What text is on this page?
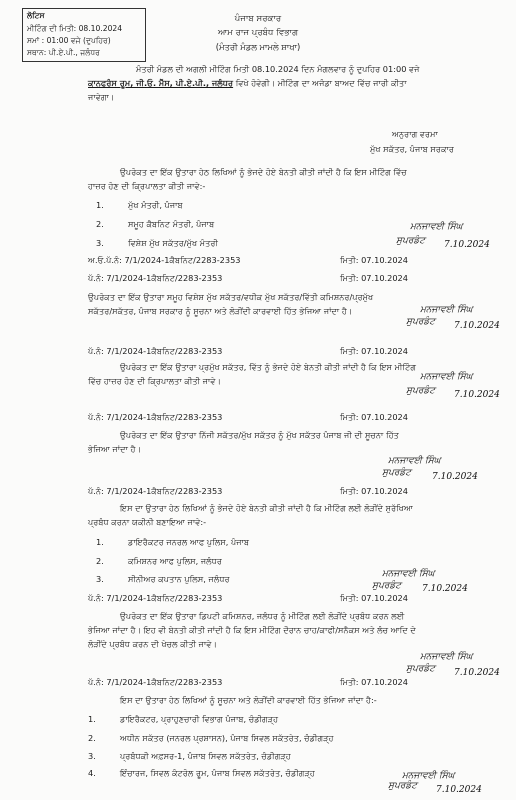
ਲੋਟਿਸ
ਮੀਟਿੰਗ ਦੀ ਮਿਤੀ: 08.10.2024
ਸਮਾਂ : 01:00 ਵਜੇ (ਦੁਪਹਿਰ)
ਸਥਾਨ: ਪੀ.ਏ.ਪੀ., ਜਲੰਧਰ
ਪੰਜਾਬ ਸਰਕਾਰ
ਆਮ ਰਾਜ ਪ੍ਰਬੰਧ ਵਿਭਾਗ
(ਮੰਤਰੀ ਮੰਡਲ ਮਾਮਲੇ ਸ਼ਾਖਾ)
ਮੰਤਰੀ ਮੰਡਲ ਦੀ ਅਗਲੀ ਮੀਟਿੰਗ ਮਿਤੀ 08.10.2024 ਦਿਨ ਮੰਗਲਵਾਰ ਨੂੰ ਦੁਪਹਿਰ 01:00 ਵਜੇ
ਕਾਨਫਰੰਸ ਰੂਮ, ਜੀ.ਓ. ਮੈੱਸ, ਪੀ.ਏ.ਪੀ., ਜਲੰਧਰ ਵਿਖੇ ਹੋਵੇਗੀ। ਮੀਟਿੰਗ ਦਾ ਅਜੰਡਾ ਬਾਅਦ ਵਿੱਚ ਜਾਰੀ ਕੀਤਾ
ਜਾਵੇਗਾ।
ਅਨੁਰਾਗ ਵਰਮਾ
ਮੁੱਖ ਸਕੱਤਰ, ਪੰਜਾਬ ਸਰਕਾਰ
ਉਪਰੋਕਤ ਦਾ ਇੱਕ ਉਤਾਰਾ ਹੇਠ ਲਿਖਿਆਂ ਨੂੰ ਭੇਜਦੇ ਹੋਏ ਬੇਨਤੀ ਕੀਤੀ ਜਾਂਦੀ ਹੈ ਕਿ ਇਸ ਮੀਟਿੰਗ ਵਿੱਚ
ਹਾਜ਼ਰ ਹੋਣ ਦੀ ਕ੍ਰਿਪਾਲਤਾ ਕੀਤੀ ਜਾਵੇ:-
1.	ਮੁੱਖ ਮੰਤਰੀ, ਪੰਜਾਬ
2.	ਸਮੂਹ ਕੈਬਨਿਟ ਮੰਤਰੀ, ਪੰਜਾਬ
3.	ਵਿਸ਼ੇਸ਼ ਮੁੱਖ ਸਕੱਤਰ/ਮੁੱਖ ਮੰਤਰੀ
ਅ.ਓ.ਪੱ.ਨੰ: 7/1/2024-1ਕੈਬਨਿਟ/2283-2353	ਮਿਤੀ: 07.10.2024
ਮਨਜਾਵਈ ਸਿੰਘ
ਸੁਪਰਡੰਟ 7.10.2024
ਪੱ.ਨੰ: 7/1/2024-1ਕੈਬਨਿਟ/2283-2353	ਮਿਤੀ: 07.10.2024
ਉਪਰੋਕਤ ਦਾ ਇੱਕ ਉਤਾਰਾ ਸਮੂਹ ਵਿਸ਼ੇਸ਼ ਮੁੱਖ ਸਕੱਤਰ/ਵਧੀਕ ਮੁੱਖ ਸਕੱਤਰ/ਵਿੱਤੀ ਕਮਿਸ਼ਨਰ/ਪ੍ਰਮੁੱਖ
ਸਕੱਤਰ/ਸਕੱਤਰ, ਪੰਜਾਬ ਸਰਕਾਰ ਨੂੰ ਸੂਚਨਾ ਅਤੇ ਲੋੜੀਂਦੀ ਕਾਰਵਾਈ ਹਿੱਤ ਭੇਜਿਆ ਜਾਂਦਾ ਹੈ।	ਮਨਜਾਵਈ ਸਿੰਘ
ਸੁਪਰਡੰਟ 7.10.2024
ਪੱ.ਨੰ: 7/1/2024-1ਕੈਬਨਿਟ/2283-2353	ਮਿਤੀ: 07.10.2024
ਉਪਰੋਕਤ ਦਾ ਇੱਕ ਉਤਾਰਾ ਪ੍ਰਮੁੱਖ ਸਕੱਤਰ, ਵਿੱਤ ਨੂੰ ਭੇਜਦੇ ਹੋਏ ਬੇਨਤੀ ਕੀਤੀ ਜਾਂਦੀ ਹੈ ਕਿ ਇਸ ਮੀਟਿੰਗ
ਵਿੱਚ ਹਾਜ਼ਰ ਹੋਣ ਦੀ ਕ੍ਰਿਪਾਲਤਾ ਕੀਤੀ ਜਾਵੇ।	ਮਨਜਾਵਈ ਸਿੰਘ
ਸੁਪਰਡੰਟ 7.10.2024
ਪੱ.ਨੰ: 7/1/2024-1ਕੈਬਨਿਟ/2283-2353	ਮਿਤੀ: 07.10.2024
ਉਪਰੋਕਤ ਦਾ ਇੱਕ ਉਤਾਰਾ ਨਿੱਜੀ ਸਕੱਤਰ/ਮੁੱਖ ਸਕੱਤਰ ਨੂੰ ਮੁੱਖ ਸਕੱਤਰ ਪੰਜਾਬ ਜੀ ਦੀ ਸੂਚਨਾ ਹਿੱਤ
ਭੇਜਿਆ ਜਾਂਦਾ ਹੈ।
ਮਨਜਾਵਈ ਸਿੰਘ
ਸੁਪਰਡੰਟ 7.10.2024
ਪੱ.ਨੰ: 7/1/2024-1ਕੈਬਨਿਟ/2283-2353	ਮਿਤੀ: 07.10.2024
ਇਸ ਦਾ ਉਤਾਰਾ ਹੇਠ ਲਿਖਿਆਂ ਨੂੰ ਭੇਜਦੇ ਹੋਏ ਬੇਨਤੀ ਕੀਤੀ ਜਾਂਦੀ ਹੈ ਕਿ ਮੀਟਿੰਗ ਲਈ ਲੋੜੀਂਦੇ ਸੁਰੱਖਿਆ
ਪ੍ਰਬੰਧ ਕਰਨਾ ਯਕੀਨੀ ਬਣਾਇਆ ਜਾਵੇ:-
1.	ਡਾਇਰੈਕਟਰ ਜਨਰਲ ਆਫ ਪੁਲਿਸ, ਪੰਜਾਬ
2.	ਕਮਿਸ਼ਨਰ ਆਫ ਪੁਲਿਸ, ਜਲੰਧਰ
3.	ਸੀਨੀਅਰ ਕਪਤਾਨ ਪੁਲਿਸ, ਜਲੰਧਰ	ਮਨਜਾਵਈ ਸਿੰਘ
ਸੁਪਰਡੰਟ 7.10.2024
ਪੱ.ਨੰ: 7/1/2024-1ਕੈਬਨਿਟ/2283-2353	ਮਿਤੀ: 07.10.2024
ਉਪਰੋਕਤ ਦਾ ਇੱਕ ਉਤਾਰਾ ਡਿਪਟੀ ਕਮਿਸ਼ਨਰ, ਜਲੰਧਰ ਨੂੰ ਮੀਟਿੰਗ ਲਈ ਲੋੜੀਂਦੇ ਪ੍ਰਬੰਧ ਕਰਨ ਲਈ
ਭੇਜਿਆ ਜਾਂਦਾ ਹੈ। ਇਹ ਵੀ ਬੇਨਤੀ ਕੀਤੀ ਜਾਂਦੀ ਹੈ ਕਿ ਇਸ ਮੀਟਿੰਗ ਦੌਰਾਨ ਚਾਹ/ਕਾਫੀ/ਸਨੈਕਸ ਅਤੇ ਲੰਚ ਆਦਿ ਦੇ
ਲੋੜੀਂਦੇ ਪ੍ਰਬੰਧ ਕਰਨ ਦੀ ਖੇਚਲ ਕੀਤੀ ਜਾਵੇ।
ਮਨਜਾਵਈ ਸਿੰਘ
ਸੁਪਰਡੰਟ 7.10.2024
ਪੱ.ਨੰ: 7/1/2024-1ਕੈਬਨਿਟ/2283-2353	ਮਿਤੀ: 07.10.2024
ਇਸ ਦਾ ਉਤਾਰਾ ਹੇਠ ਲਿਖਿਆਂ ਨੂੰ ਸੂਚਨਾ ਅਤੇ ਲੋੜੀਂਦੀ ਕਾਰਵਾਈ ਹਿੱਤ ਭੇਜਿਆ ਜਾਂਦਾ ਹੈ:-
1.	ਡਾਇਰੈਕਟਰ, ਪ੍ਰਾਹੁਣਚਾਰੀ ਵਿਭਾਗ ਪੰਜਾਬ, ਚੰਡੀਗੜ੍ਹ
2.	ਅਧੀਨ ਸਕੱਤਰ (ਜਨਰਲ ਪ੍ਰਸ਼ਾਸਨ), ਪੰਜਾਬ ਸਿਵਲ ਸਕੱਤਰੇਤ, ਚੰਡੀਗੜ੍ਹ
3.	ਪ੍ਰਬੰਧਕੀ ਅਫ਼ਸਰ-1, ਪੰਜਾਬ ਸਿਵਲ ਸਕੱਤਰੇਤ, ਚੰਡੀਗੜ੍ਹ
4.	ਇੰਚਾਰਜ, ਸਿਵਲ ਕੰਟਰੋਲ ਰੂਮ, ਪੰਜਾਬ ਸਿਵਲ ਸਕੱਤਰੇਤ, ਚੰਡੀਗੜ੍ਹ	ਮਨਜਾਵਈ ਸਿੰਘ
ਸੁਪਰਡੰਟ 7.10.2024
